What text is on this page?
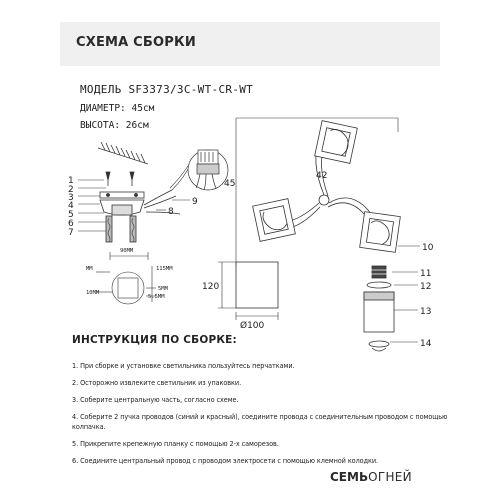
СХЕМА СБОРКИ
МОДЕЛЬ SF3373/3C-WT-CR-WT
ДИАМЕТР: 45см
ВЫСОТА: 26см
1
2
3
4
5
6
7
8
9
45
42
10
90MM
115MM
MM
10MM
5MM
5.5MM
120
Ø100
11
12
13
14
ИНСТРУКЦИЯ ПО СБОРКЕ:
1. При сборке и установке светильника пользуйтесь перчатками.
2. Осторожно извлеките светильник из упаковки.
3. Соберите центральную часть, согласно схеме.
4. Соберите 2 пучка проводов (синий и красный), соедините провода с соединительным проводом с помощью колпачка.
5. Прикрепите крепежную планку с помощью 2-х саморезов.
6. Соедините центральный провод с проводом электросети с помощью клемной колодки.
СЕМЬОГНЕЙ
